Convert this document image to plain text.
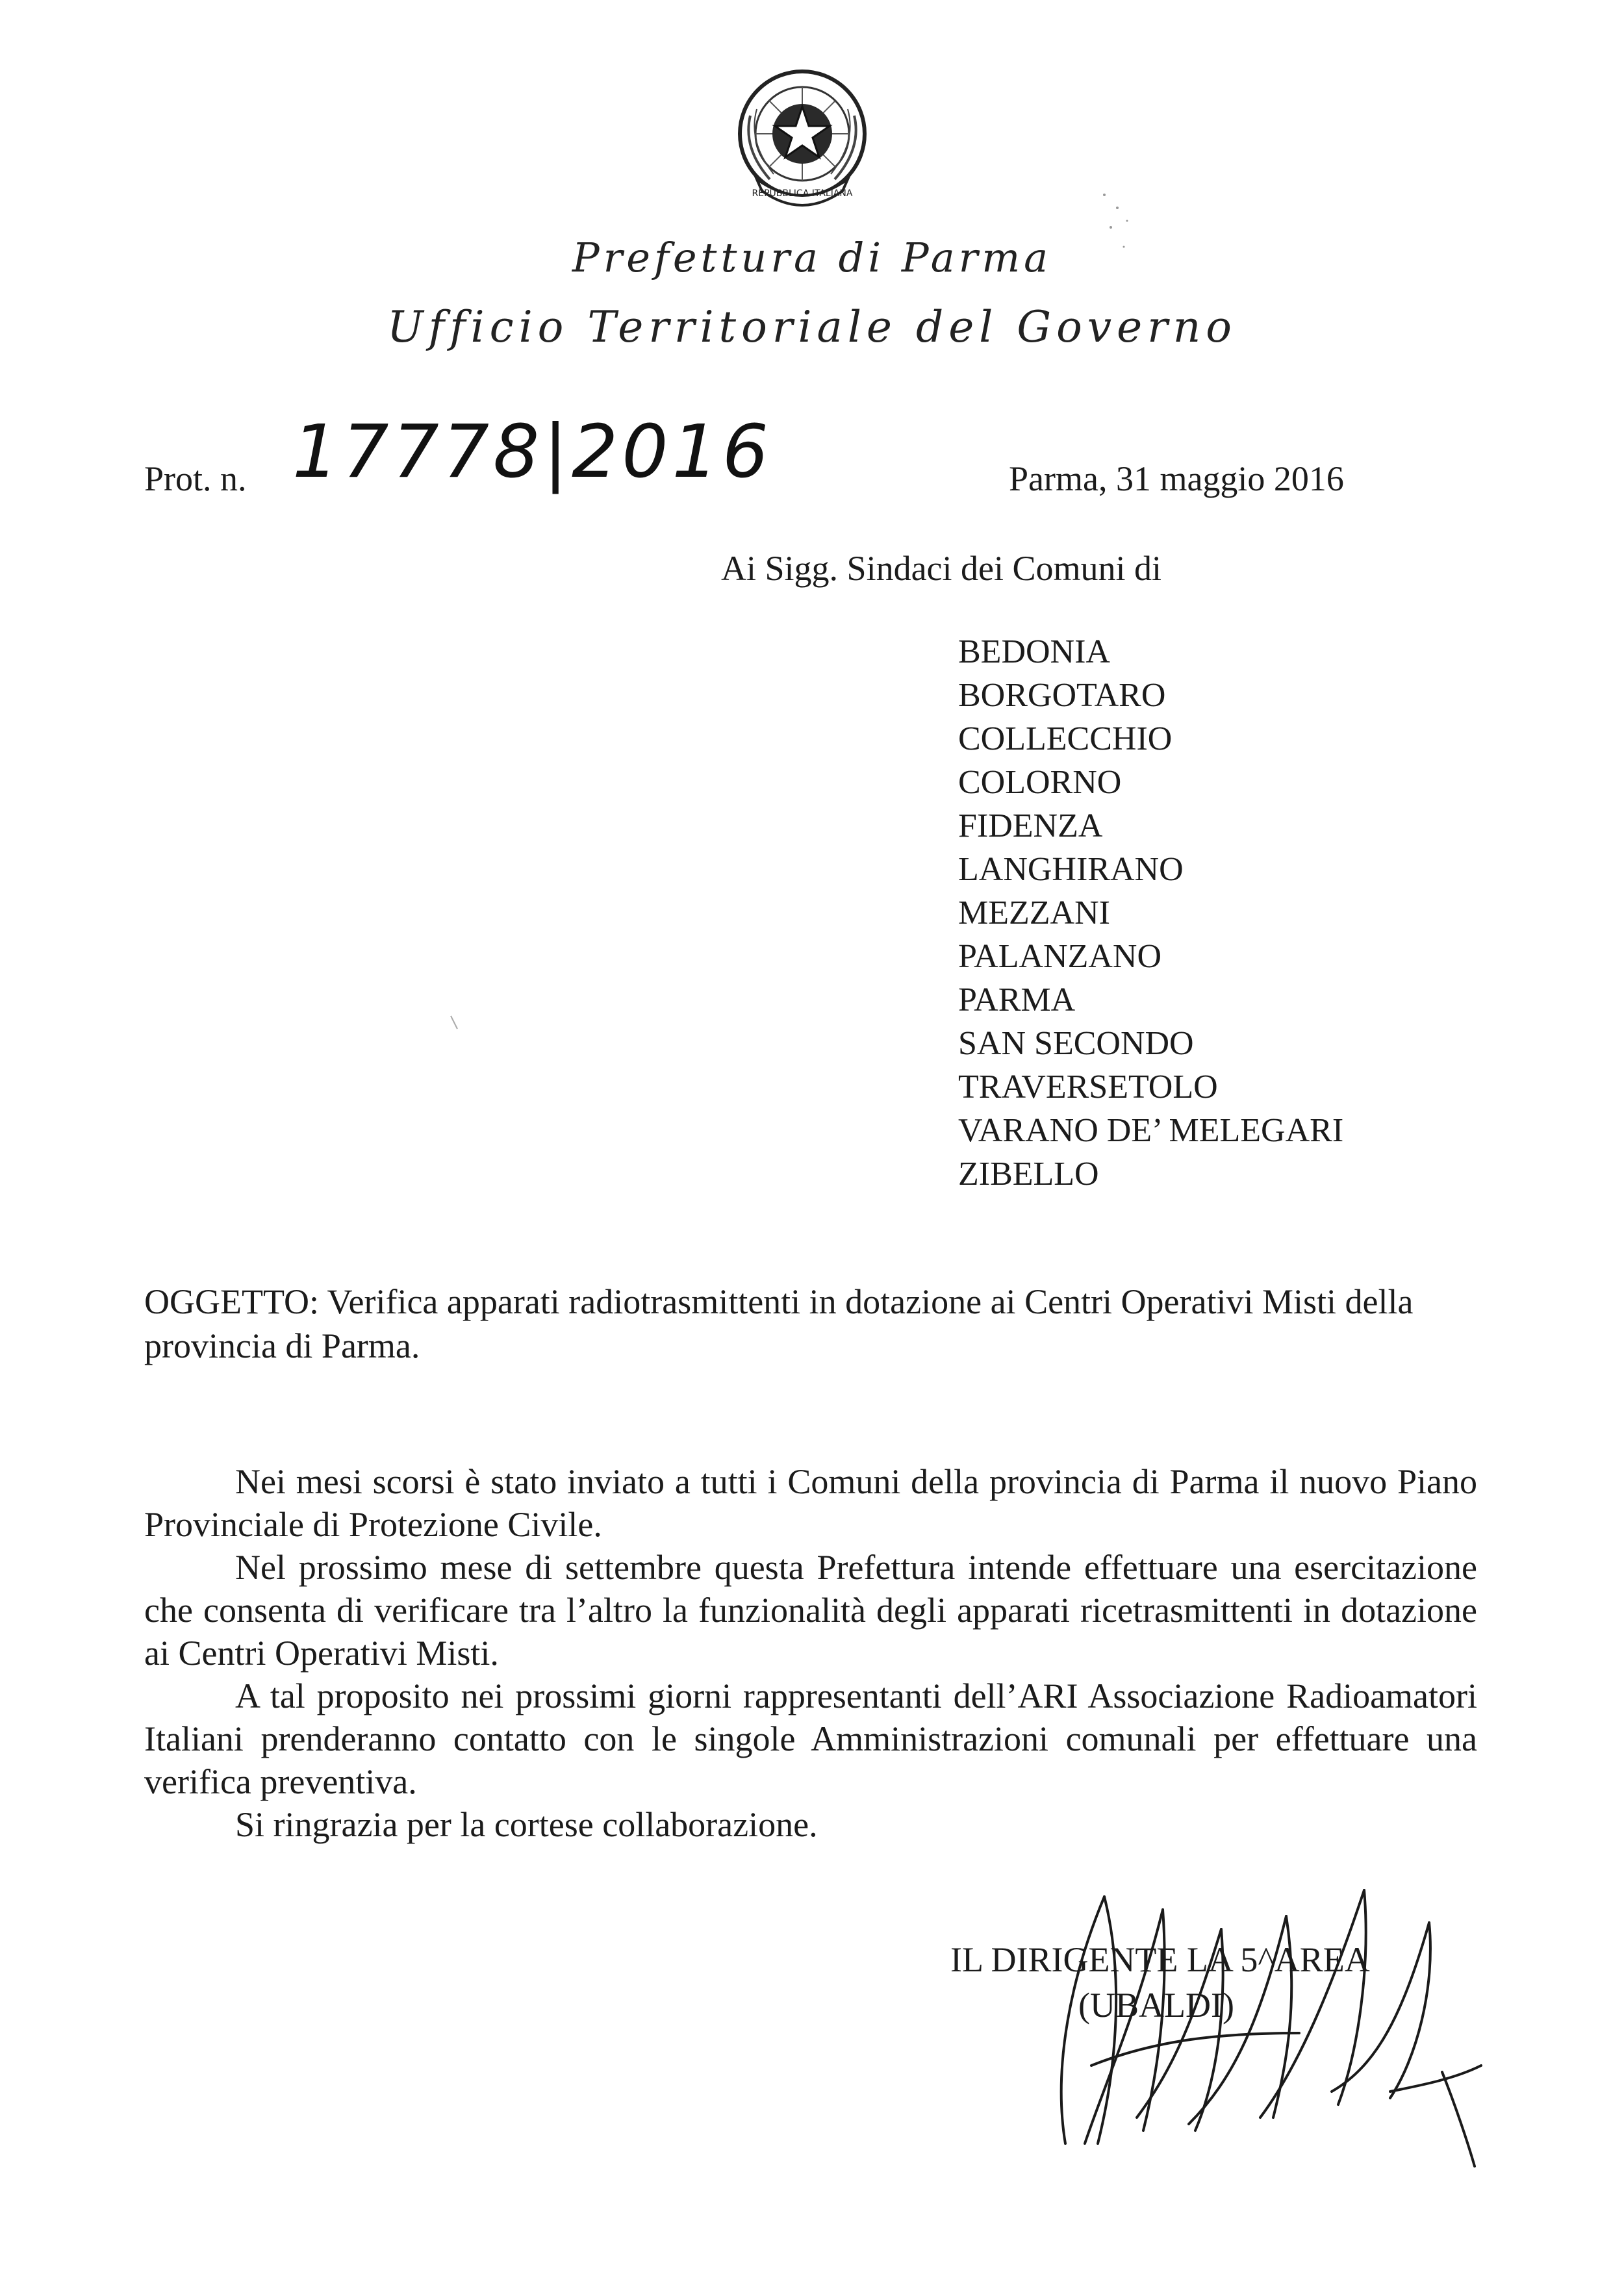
REPUBBLICA ITALIANA
Prefettura di Parma
Ufficio Territoriale del Governo
Prot. n. 17778|2016	Parma, 31 maggio 2016
Ai Sigg. Sindaci dei Comuni di
BEDONIA
BORGOTARO
COLLECCHIO
COLORNO
FIDENZA
LANGHIRANO
MEZZANI
PALANZANO
PARMA
SAN SECONDO
TRAVERSETOLO
VARANO DE’ MELEGARI
ZIBELLO
OGGETTO: Verifica apparati radiotrasmittenti in dotazione ai Centri Operativi Misti della provincia di Parma.

Nei mesi scorsi è stato inviato a tutti i Comuni della provincia di Parma il nuovo Piano Provinciale di Protezione Civile.

Nel prossimo mese di settembre questa Prefettura intende effettuare una esercitazione che consenta di verificare tra l’altro la funzionalità degli apparati ricetrasmittenti in dotazione ai Centri Operativi Misti.

A tal proposito nei prossimi giorni rappresentanti dell’ARI Associazione Radioamatori Italiani prenderanno contatto con le singole Amministrazioni comunali per effettuare una verifica preventiva.

Si ringrazia per la cortese collaborazione.

IL DIRIGENTE LA 5^AREA
(UBALDI)
